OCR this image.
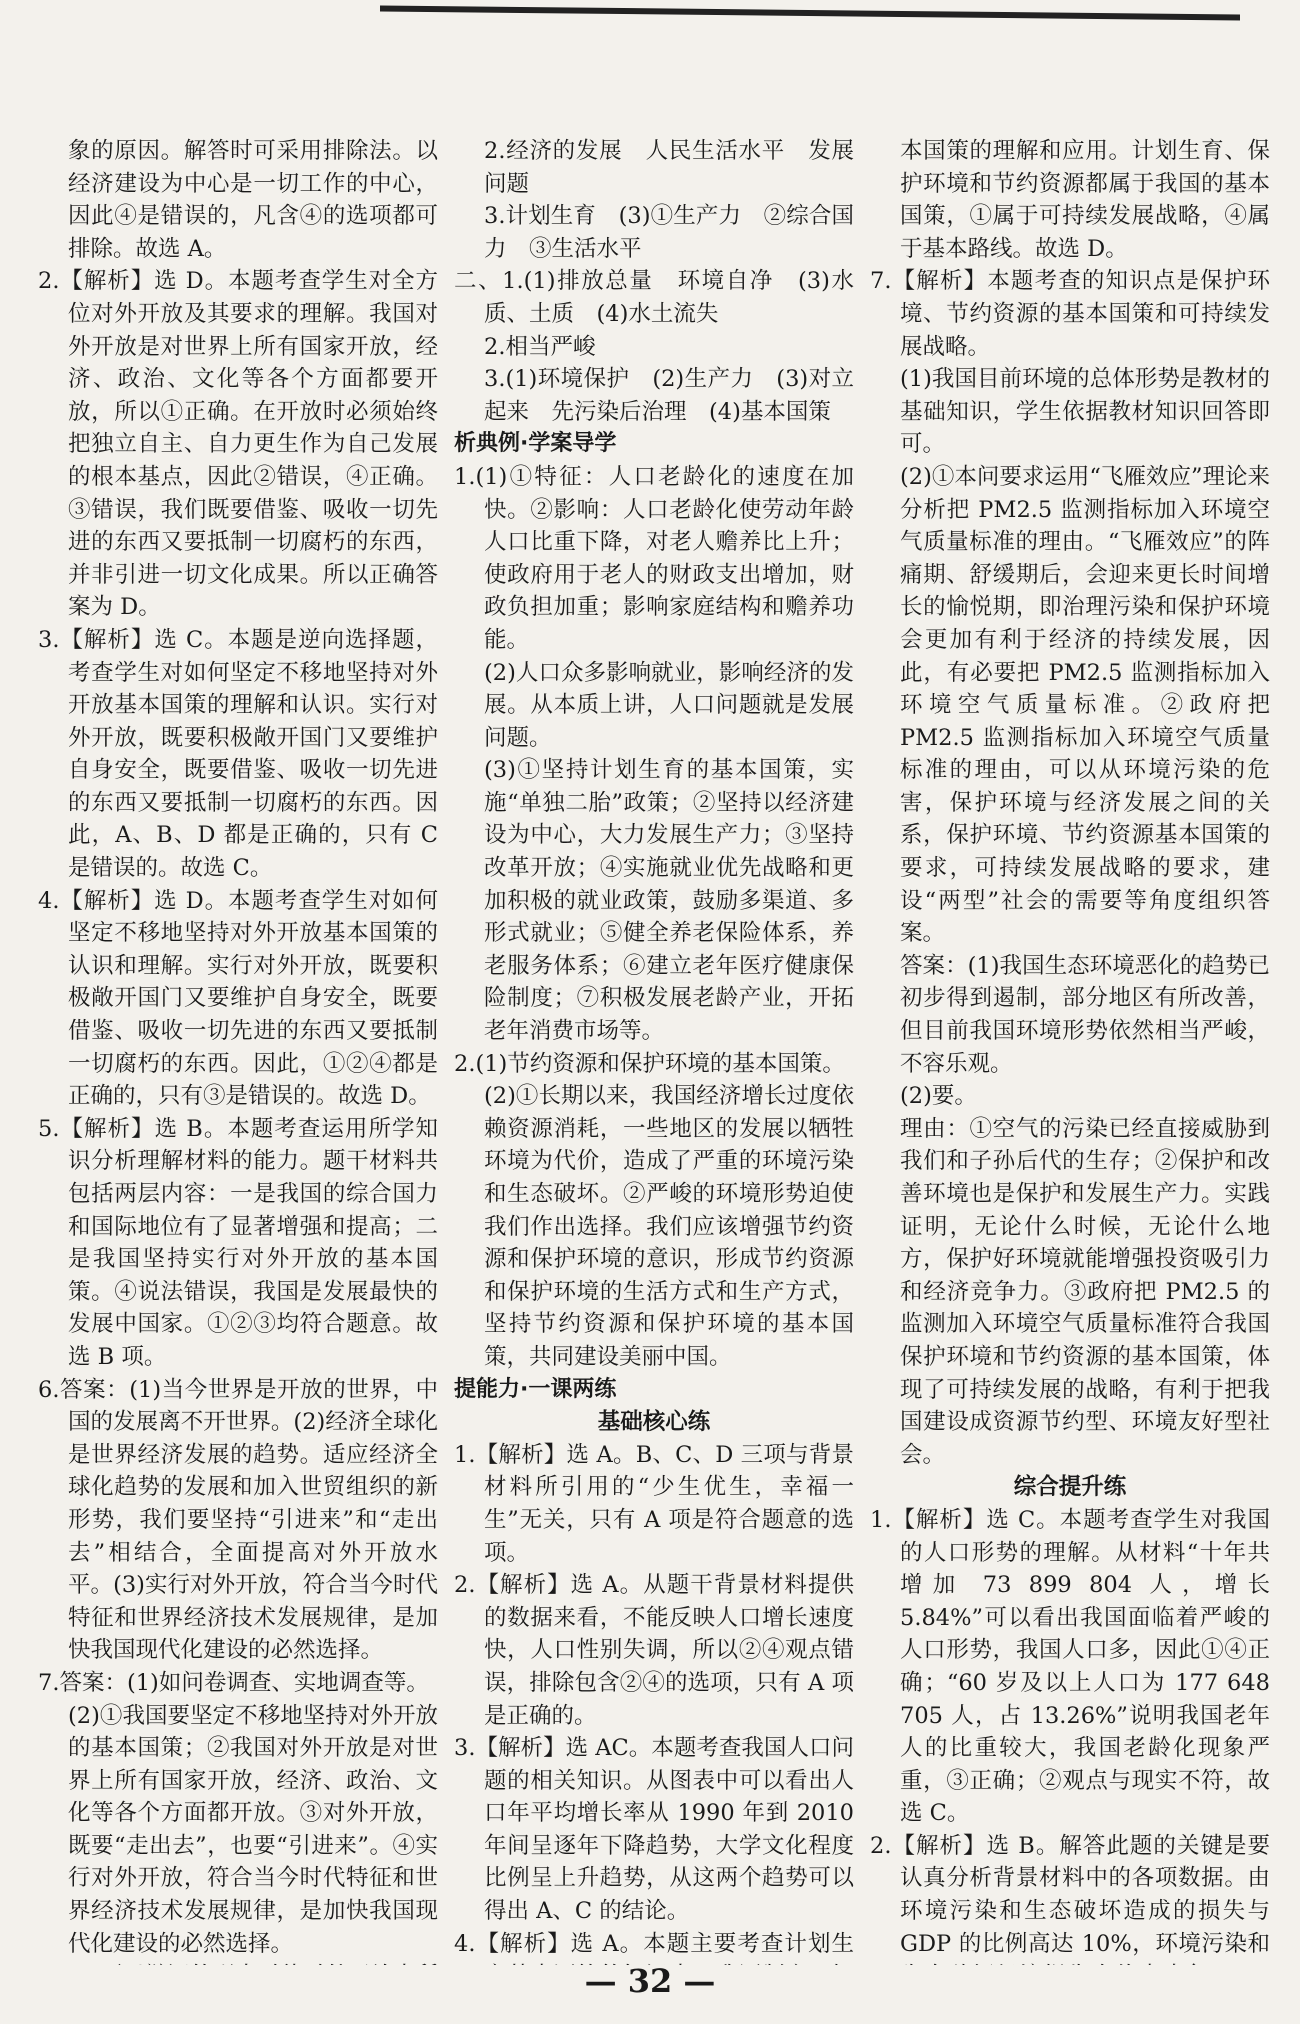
象的原因。解答时可采用排除法。以经济建设为中心是一切工作的中心，因此④是错误的，凡含④的选项都可排除。故选 A。

2.【解析】选 D。本题考查学生对全方位对外开放及其要求的理解。我国对外开放是对世界上所有国家开放，经济、政治、文化等各个方面都要开放，所以①正确。在开放时必须始终把独立自主、自力更生作为自己发展的根本基点，因此②错误，④正确。③错误，我们既要借鉴、吸收一切先进的东西又要抵制一切腐朽的东西，并非引进一切文化成果。所以正确答案为 D。

3.【解析】选 C。本题是逆向选择题，考查学生对如何坚定不移地坚持对外开放基本国策的理解和认识。实行对外开放，既要积极敞开国门又要维护自身安全，既要借鉴、吸收一切先进的东西又要抵制一切腐朽的东西。因此，A、B、D 都是正确的，只有 C 是错误的。故选 C。

4.【解析】选 D。本题考查学生对如何坚定不移地坚持对外开放基本国策的认识和理解。实行对外开放，既要积极敞开国门又要维护自身安全，既要借鉴、吸收一切先进的东西又要抵制一切腐朽的东西。因此，①②④都是正确的，只有③是错误的。故选 D。

5.【解析】选 B。本题考查运用所学知识分析理解材料的能力。题干材料共包括两层内容：一是我国的综合国力和国际地位有了显著增强和提高；二是我国坚持实行对外开放的基本国策。④说法错误，我国是发展最快的发展中国家。①②③均符合题意。故选 B 项。

6.答案：(1)当今世界是开放的世界，中国的发展离不开世界。(2)经济全球化是世界经济发展的趋势。适应经济全球化趋势的发展和加入世贸组织的新形势，我们要坚持“引进来”和“走出去”相结合，全面提高对外开放水平。(3)实行对外开放，符合当今时代特征和世界经济技术发展规律，是加快我国现代化建设的必然选择。

7.答案：(1)如问卷调查、实地调查等。

(2)①我国要坚定不移地坚持对外开放的基本国策；②我国对外开放是对世界上所有国家开放，经济、政治、文化等各个方面都开放。③对外开放，既要“走出去”，也要“引进来”。④实行对外开放，符合当今时代特征和世界经济技术发展规律，是加快我国现代化建设的必然选择。

2.经济的发展　人民生活水平　发展问题

3.计划生育　(3)①生产力　②综合国力　③生活水平

二、1.(1)排放总量　环境自净　(3)水质、土质　(4)水土流失

2.相当严峻

3.(1)环境保护　(2)生产力　(3)对立起来　先污染后治理　(4)基本国策

析典例·学案导学

1.(1)①特征：人口老龄化的速度在加快。②影响：人口老龄化使劳动年龄人口比重下降，对老人赡养比上升；使政府用于老人的财政支出增加，财政负担加重；影响家庭结构和赡养功能。

(2)人口众多影响就业，影响经济的发展。从本质上讲，人口问题就是发展问题。

(3)①坚持计划生育的基本国策，实施“单独二胎”政策；②坚持以经济建设为中心，大力发展生产力；③坚持改革开放；④实施就业优先战略和更加积极的就业政策，鼓励多渠道、多形式就业；⑤健全养老保险体系，养老服务体系；⑥建立老年医疗健康保险制度；⑦积极发展老龄产业，开拓老年消费市场等。

2.(1)节约资源和保护环境的基本国策。

(2)①长期以来，我国经济增长过度依赖资源消耗，一些地区的发展以牺牲环境为代价，造成了严重的环境污染和生态破坏。②严峻的环境形势迫使我们作出选择。我们应该增强节约资源和保护环境的意识，形成节约资源和保护环境的生活方式和生产方式，坚持节约资源和保护环境的基本国策，共同建设美丽中国。

提能力·一课两练

基础核心练

1.【解析】选 A。B、C、D 三项与背景材料所引用的“少生优生，幸福一生”无关，只有 A 项是符合题意的选项。

2.【解析】选 A。从题干背景材料提供的数据来看，不能反映人口增长速度快，人口性别失调，所以②④观点错误，排除包含②④的选项，只有 A 项是正确的。

3.【解析】选 AC。本题考查我国人口问题的相关知识。从图表中可以看出人口年平均增长率从 1990 年到 2010 年间呈逐年下降趋势，大学文化程度比例呈上升趋势，从这两个趋势可以得出 A、C 的结论。

4.【解析】选 A。本题主要考查计划生

本国策的理解和应用。计划生育、保护环境和节约资源都属于我国的基本国策，①属于可持续发展战略，④属于基本路线。故选 D。

7.【解析】本题考查的知识点是保护环境、节约资源的基本国策和可持续发展战略。

(1)我国目前环境的总体形势是教材的基础知识，学生依据教材知识回答即可。

(2)①本问要求运用“飞雁效应”理论来分析把 PM2.5 监测指标加入环境空气质量标准的理由。“飞雁效应”的阵痛期、舒缓期后，会迎来更长时间增长的愉悦期，即治理污染和保护环境会更加有利于经济的持续发展，因此，有必要把 PM2.5 监测指标加入环境空气质量标准。②政府把 PM2.5 监测指标加入环境空气质量标准的理由，可以从环境污染的危害，保护环境与经济发展之间的关系，保护环境、节约资源基本国策的要求，可持续发展战略的要求，建设“两型”社会的需要等角度组织答案。

答案：(1)我国生态环境恶化的趋势已初步得到遏制，部分地区有所改善，但目前我国环境形势依然相当严峻，不容乐观。

(2)要。

理由：①空气的污染已经直接威胁到我们和子孙后代的生存；②保护和改善环境也是保护和发展生产力。实践证明，无论什么时候，无论什么地方，保护好环境就能增强投资吸引力和经济竞争力。③政府把 PM2.5 的监测加入环境空气质量标准符合我国保护环境和节约资源的基本国策，体现了可持续发展的战略，有利于把我国建设成资源节约型、环境友好型社会。

综合提升练

1.【解析】选 C。本题考查学生对我国的人口形势的理解。从材料“十年共增加 73 899 804 人，增长 5.84%”可以看出我国面临着严峻的人口形势，我国人口多，因此①④正确；“60 岁及以上人口为 177 648 705 人，占 13.26%”说明我国老年人的比重较大，我国老龄化现象严重，③正确；②观点与现实不符，故选 C。

2.【解析】选 B。解答此题的关键是要认真分析背景材料中的各项数据。由环境污染和生态破坏造成的损失与 GDP 的比例高达 10%，环境污染和

— 32 —
